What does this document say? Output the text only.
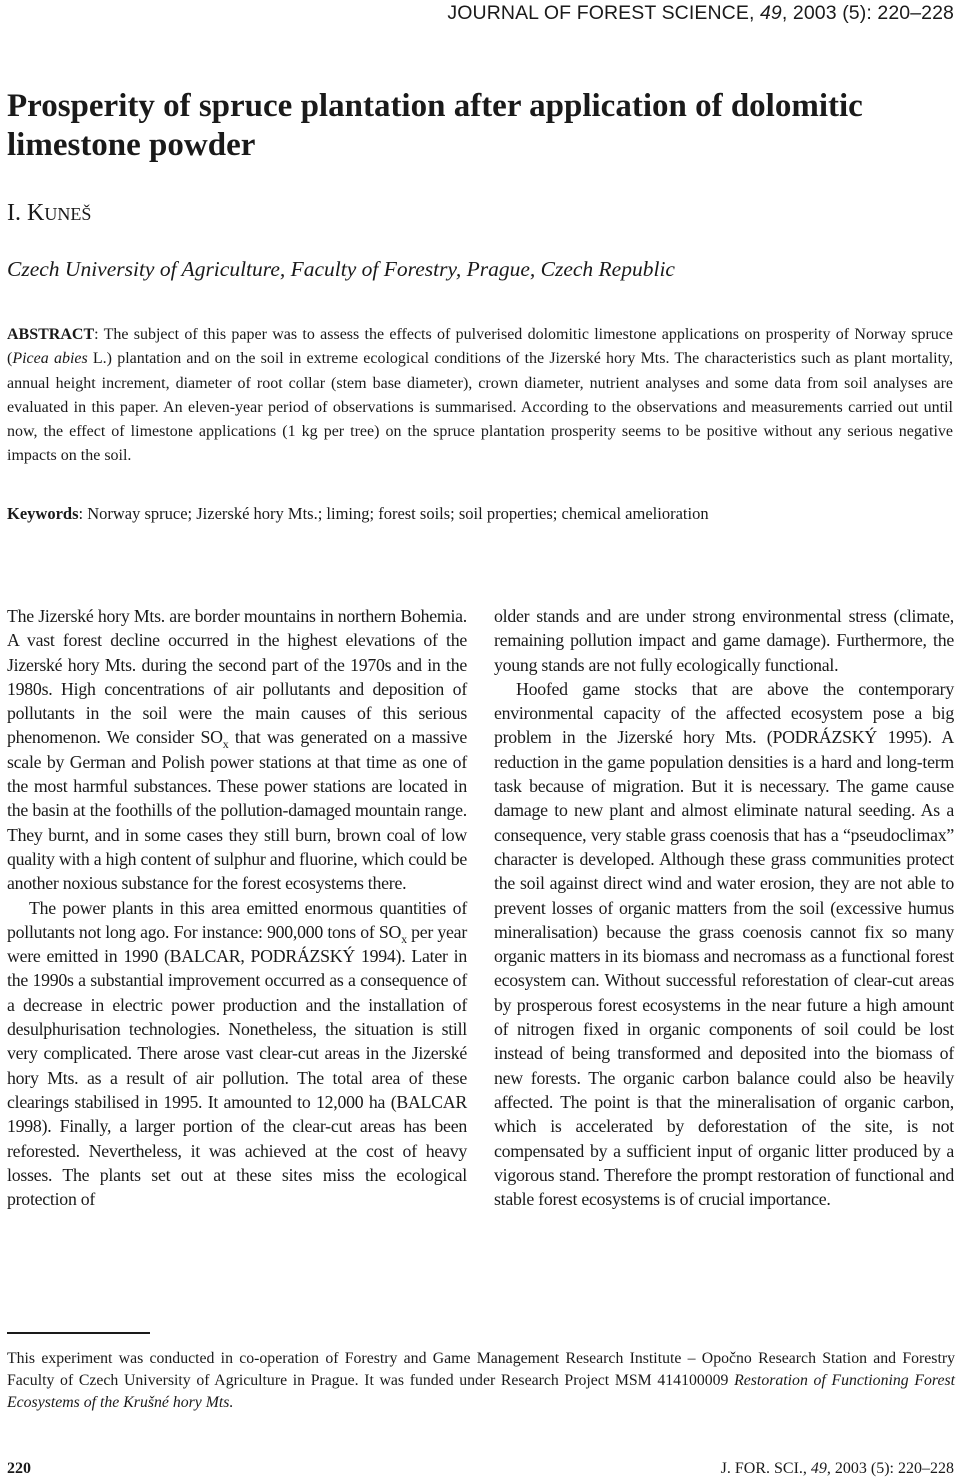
JOURNAL OF FOREST SCIENCE, 49, 2003 (5): 220–228
Prosperity of spruce plantation after application of dolomitic limestone powder
I. KUNEŠ
Czech University of Agriculture, Faculty of Forestry, Prague, Czech Republic
ABSTRACT: The subject of this paper was to assess the effects of pulverised dolomitic limestone applications on prosperity of Norway spruce (Picea abies L.) plantation and on the soil in extreme ecological conditions of the Jizerské hory Mts. The characteristics such as plant mortality, annual height increment, diameter of root collar (stem base diameter), crown diameter, nutrient analyses and some data from soil analyses are evaluated in this paper. An eleven-year period of observations is summarised. According to the observations and measurements carried out until now, the effect of limestone applications (1 kg per tree) on the spruce plantation prosperity seems to be positive without any serious negative impacts on the soil.
Keywords: Norway spruce; Jizerské hory Mts.; liming; forest soils; soil properties; chemical amelioration

The Jizerské hory Mts. are border mountains in northern Bohemia. A vast forest decline occurred in the highest elevations of the Jizerské hory Mts. during the second part of the 1970s and in the 1980s. High concentrations of air pollutants and deposition of pollutants in the soil were the main causes of this serious phenomenon. We consider $SO_x$ that was generated on a massive scale by German and Polish power stations at that time as one of the most harmful substances. These power stations are located in the basin at the foothills of the pollution-damaged mountain range. They burnt, and in some cases they still burn, brown coal of low quality with a high content of sulphur and fluorine, which could be another noxious substance for the forest ecosystems there.

The power plants in this area emitted enormous quantities of pollutants not long ago. For instance: 900,000 tons of $SO_x$ per year were emitted in 1990 (BALCAR, PODRÁZSKÝ 1994). Later in the 1990s a substantial improvement occurred as a consequence of a decrease in electric power production and the installation of desulphurisation technologies. Nonetheless, the situation is still very complicated. There arose vast clear-cut areas in the Jizerské hory Mts. as a result of air pollution. The total area of these clearings stabilised in 1995. It amounted to 12,000 ha (BALCAR 1998). Finally, a larger portion of the clear-cut areas has been reforested. Nevertheless, it was achieved at the cost of heavy losses. The plants set out at these sites miss the ecological protection of

older stands and are under strong environmental stress (climate, remaining pollution impact and game damage). Furthermore, the young stands are not fully ecologically functional.

Hoofed game stocks that are above the contemporary environmental capacity of the affected ecosystem pose a big problem in the Jizerské hory Mts. (PODRÁZSKÝ 1995). A reduction in the game population densities is a hard and long-term task because of migration. But it is necessary. The game cause damage to new plant and almost eliminate natural seeding. As a consequence, very stable grass coenosis that has a “pseudoclimax” character is developed. Although these grass communities protect the soil against direct wind and water erosion, they are not able to prevent losses of organic matters from the soil (excessive humus mineralisation) because the grass coenosis cannot fix so many organic matters in its biomass and necromass as a functional forest ecosystem can. Without successful reforestation of clear-cut areas by prosperous forest ecosystems in the near future a high amount of nitrogen fixed in organic components of soil could be lost instead of being transformed and deposited into the biomass of new forests. The organic carbon balance could also be heavily affected. The point is that the mineralisation of organic carbon, which is accelerated by deforestation of the site, is not compensated by a sufficient input of organic litter produced by a vigorous stand. Therefore the prompt restoration of functional and stable forest ecosystems is of crucial importance.

This experiment was conducted in co-operation of Forestry and Game Management Research Institute – Opočno Research Station and Forestry Faculty of Czech University of Agriculture in Prague. It was funded under Research Project MSM 414100009 Restoration of Functioning Forest Ecosystems of the Krušné hory Mts.
220	J. FOR. SCI., 49, 2003 (5): 220–228
